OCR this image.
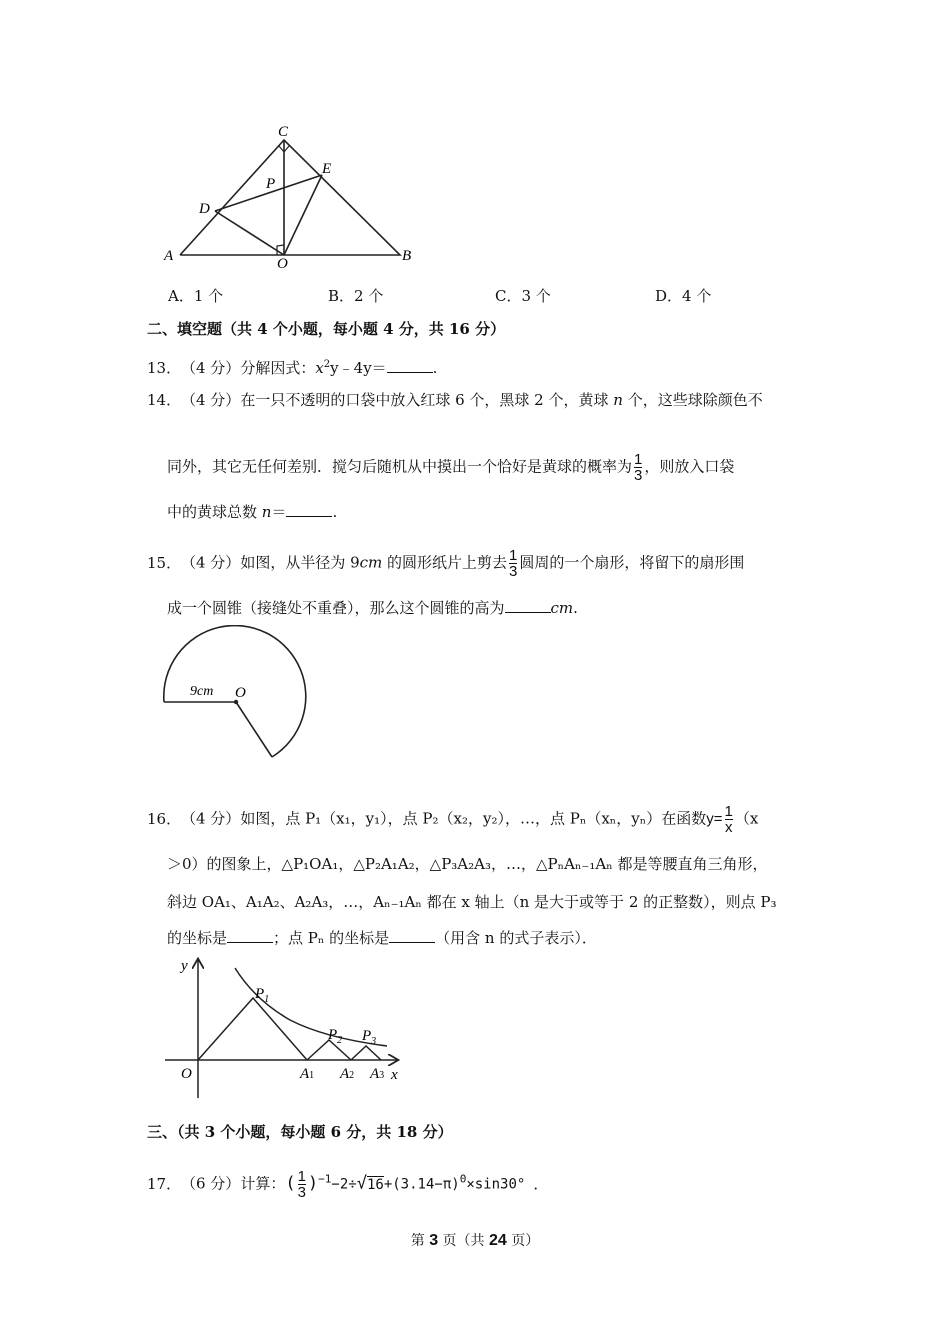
C
E
P
D
A	O	B
A．1 个	B．2 个	C．3 个	D．4 个
二、填空题（共 4 个小题，每小题 4 分，共 16 分）
13．（4 分）分解因式：$x^2y﹣4y=$	.
14．（4 分）在一只不透明的口袋中放入红球 6 个，黑球 2 个，黄球 n 个，这些球除颜色不
同外，其它无任何差别．搅匀后随机从中摸出一个恰好是黄球的概率为 $\frac{1}{3}$ ，则放入口袋
中的黄球总数 n＝	.
15．（4 分）如图，从半径为 9cm 的圆形纸片上剪去 $\frac{1}{3}$ 圆周的一个扇形，将留下的扇形围
成一个圆锥（接缝处不重叠），那么这个圆锥的高为	cm.
9cm O
16．（4 分）如图，点 P₁（x₁，y₁），点 P₂（x₂，y₂），…，点 Pₙ（xₙ，yₙ）在函数$y= \frac{1}{x} (x$
＞0）的图象上，△P₁OA₁，△P₂A₁A₂，△P₃A₂A₃，…，△PₙAₙ₋₁Aₙ 都是等腰直角三角形，
斜边 OA₁、A₁A₂、A₂A₃，…，Aₙ₋₁Aₙ 都在 x 轴上（n 是大于或等于 2 的正整数），则点 P₃
的坐标是	；点 Pₙ 的坐标是	（用含 n 的式子表示）．
y
O	x
$P_1$
$P_2$ $P_3$
A1 A2 A3
三、（共 3 个小题，每小题 6 分，共 18 分）
17．（6 分）计算：( $\frac{1}{3} )^{-1}-2\div√16+(3.14-\pi)^0\times\sin 30^\circ$ ．
第 3 页（共 24 页）
